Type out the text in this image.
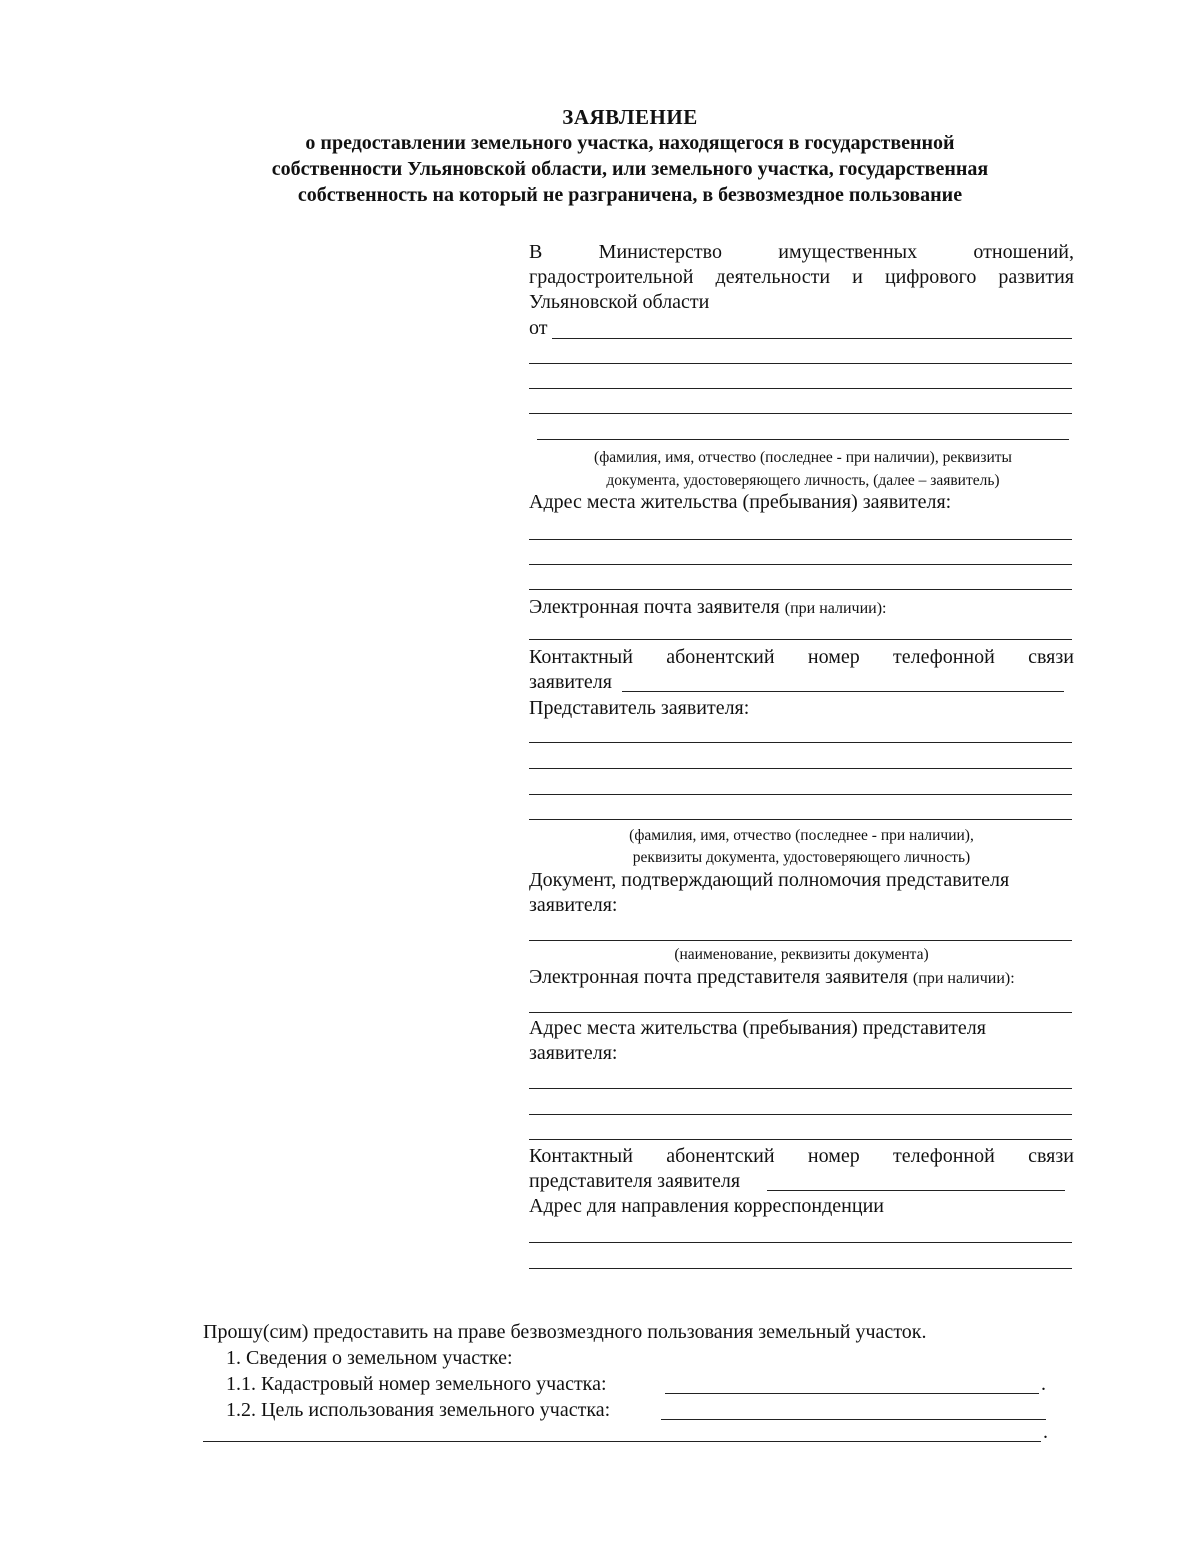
ЗАЯВЛЕНИЕ
о предоставлении земельного участка, находящегося в государственной
собственности Ульяновской области, или земельного участка, государственная
собственность на который не разграничена, в безвозмездное пользование
В Министерство имущественных отношений,
градостроительной деятельности и цифрового развития
Ульяновской области
от
(фамилия, имя, отчество (последнее - при наличии), реквизиты
документа, удостоверяющего личность, (далее – заявитель)
Адрес места жительства (пребывания) заявителя:
Электронная почта заявителя (при наличии):
Контактный абонентский номер телефонной связи
заявителя
Представитель заявителя:
(фамилия, имя, отчество (последнее - при наличии),
реквизиты документа, удостоверяющего личность)
Документ, подтверждающий полномочия представителя
заявителя:
(наименование, реквизиты документа)
Электронная почта представителя заявителя (при наличии):
Адрес места жительства (пребывания) представителя
заявителя:
Контактный абонентский номер телефонной связи
представителя заявителя
Адрес для направления корреспонденции
Прошу(сим) предоставить на праве безвозмездного пользования земельный участок.
1. Сведения о земельном участке:
1.1. Кадастровый номер земельного участка:	.
1.2. Цель использования земельного участка:
.
